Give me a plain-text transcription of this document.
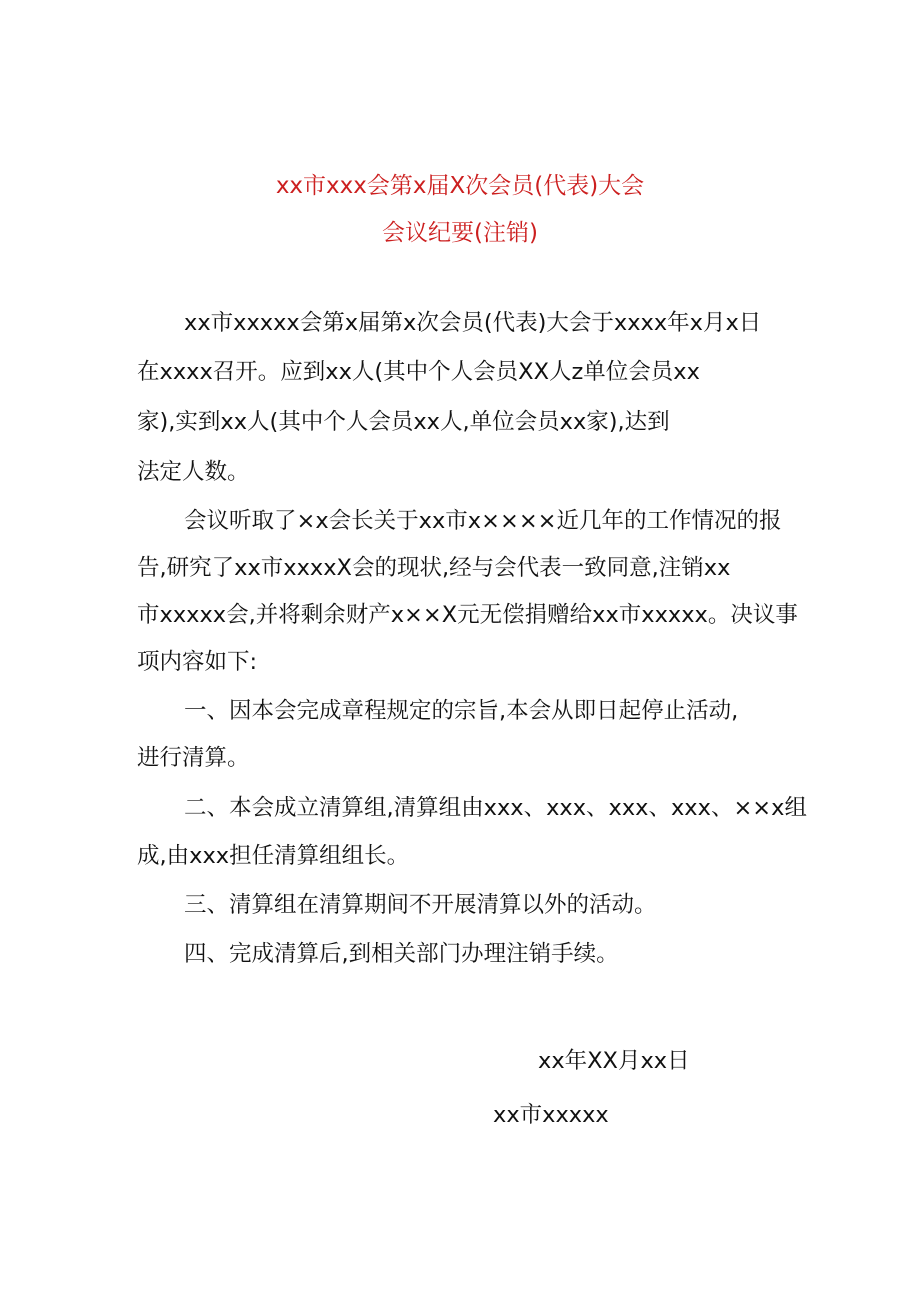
xx市xxx会第x届X次会员(代表)大会
会议纪要(注销)
xx市xxxxx会第x届第x次会员(代表)大会于xxxx年x月x日
在xxxx召开。应到xx人(其中个人会员XX人z单位会员xx
家),实到xx人(其中个人会员xx人,单位会员xx家),达到
法定人数。
会议听取了×x会长关于xx市x××××近几年的工作情况的报
告,研究了xx市xxxxX会的现状,经与会代表一致同意,注销xx
市xxxxx会,并将剩余财产x××X元无偿捐赠给xx市xxxxx。决议事
项内容如下:
一、因本会完成章程规定的宗旨,本会从即日起停止活动,
进行清算。
二、本会成立清算组,清算组由xxx、xxx、xxx、xxx、××x组
成,由xxx担任清算组组长。
三、清算组在清算期间不开展清算以外的活动。
四、完成清算后,到相关部门办理注销手续。
xx年XX月xx日
xx市xxxxx
